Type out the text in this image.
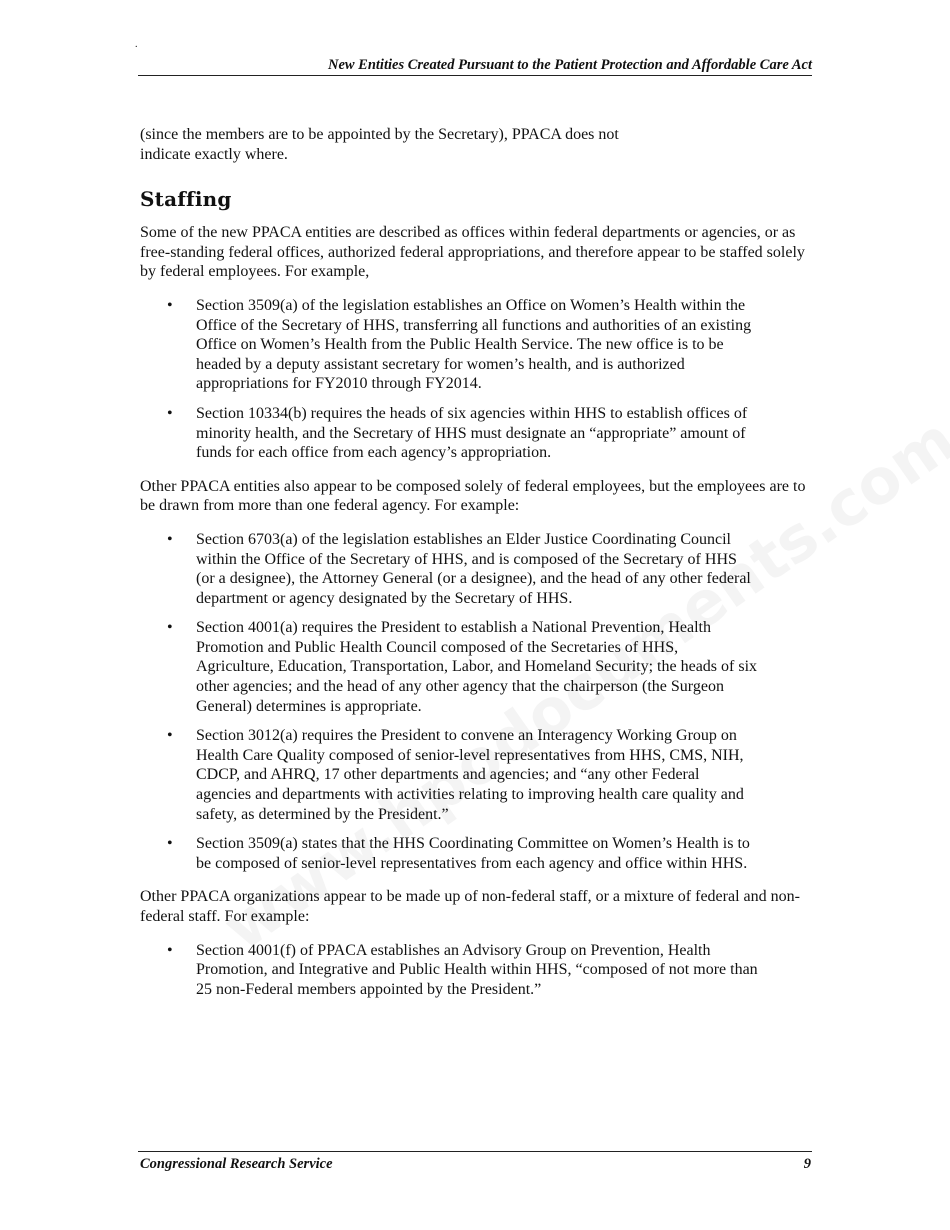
.
New Entities Created Pursuant to the Patient Protection and Affordable Care Act

(since the members are to be appointed by the Secretary), PPACA does not indicate exactly where.

Staffing

Some of the new PPACA entities are described as offices within federal departments or agencies, or as free-standing federal offices, authorized federal appropriations, and therefore appear to be staffed solely by federal employees. For example,

• Section 3509(a) of the legislation establishes an Office on Women’s Health within the Office of the Secretary of HHS, transferring all functions and authorities of an existing Office on Women’s Health from the Public Health Service. The new office is to be headed by a deputy assistant secretary for women’s health, and is authorized appropriations for FY2010 through FY2014.
• Section 10334(b) requires the heads of six agencies within HHS to establish offices of minority health, and the Secretary of HHS must designate an “appropriate” amount of funds for each office from each agency’s appropriation.

Other PPACA entities also appear to be composed solely of federal employees, but the employees are to be drawn from more than one federal agency. For example:

• Section 6703(a) of the legislation establishes an Elder Justice Coordinating Council within the Office of the Secretary of HHS, and is composed of the Secretary of HHS (or a designee), the Attorney General (or a designee), and the head of any other federal department or agency designated by the Secretary of HHS.
• Section 4001(a) requires the President to establish a National Prevention, Health Promotion and Public Health Council composed of the Secretaries of HHS, Agriculture, Education, Transportation, Labor, and Homeland Security; the heads of six other agencies; and the head of any other agency that the chairperson (the Surgeon General) determines is appropriate.
• Section 3012(a) requires the President to convene an Interagency Working Group on Health Care Quality composed of senior-level representatives from HHS, CMS, NIH, CDCP, and AHRQ, 17 other departments and agencies; and “any other Federal agencies and departments with activities relating to improving health care quality and safety, as determined by the President.”
• Section 3509(a) states that the HHS Coordinating Committee on Women’s Health is to be composed of senior-level representatives from each agency and office within HHS.

Other PPACA organizations appear to be made up of non-federal staff, or a mixture of federal and non-federal staff. For example:

• Section 4001(f) of PPACA establishes an Advisory Group on Prevention, Health Promotion, and Integrative and Public Health within HHS, “composed of not more than 25 non-Federal members appointed by the President.”
Congressional Research Service	9
